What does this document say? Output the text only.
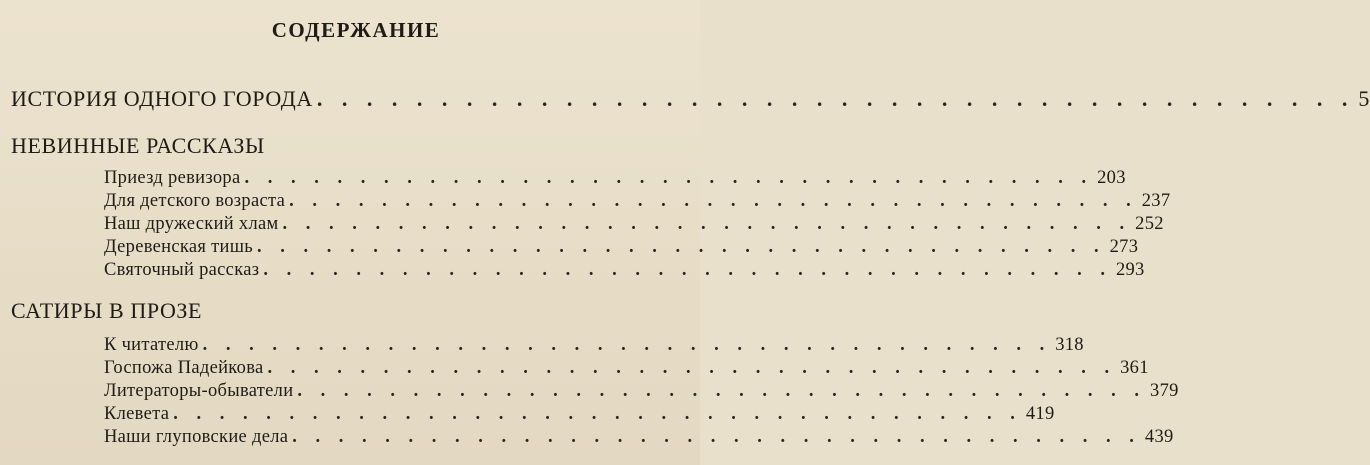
СОДЕРЖАНИЕ
ИСТОРИЯ ОДНОГО ГОРОДА . . . . . . . . . . . . . . . . . . . . . . . . . . . . . . . . . . . . . . . . . . 5
НЕВИННЫЕ РАССКАЗЫ
Приезд ревизора . . . . . . . . . . . . . . . . . . . . . . . . . . . . . . . . . . . . . 203
Для детского возраста . . . . . . . . . . . . . . . . . . . . . . . . . . . . . . . . . . . . . 237
Наш дружеский хлам . . . . . . . . . . . . . . . . . . . . . . . . . . . . . . . . . . . . . 252
Деревенская тишь . . . . . . . . . . . . . . . . . . . . . . . . . . . . . . . . . . . . . 273
Святочный рассказ . . . . . . . . . . . . . . . . . . . . . . . . . . . . . . . . . . . . . 293
САТИРЫ В ПРОЗЕ
К читателю . . . . . . . . . . . . . . . . . . . . . . . . . . . . . . . . . . . . . 318
Госпожа Падейкова . . . . . . . . . . . . . . . . . . . . . . . . . . . . . . . . . . . . . 361
Литераторы-обыватели . . . . . . . . . . . . . . . . . . . . . . . . . . . . . . . . . . . . . 379
Клевета . . . . . . . . . . . . . . . . . . . . . . . . . . . . . . . . . . . . . 419
Наши глуповские дела . . . . . . . . . . . . . . . . . . . . . . . . . . . . . . . . . . . . . 439
